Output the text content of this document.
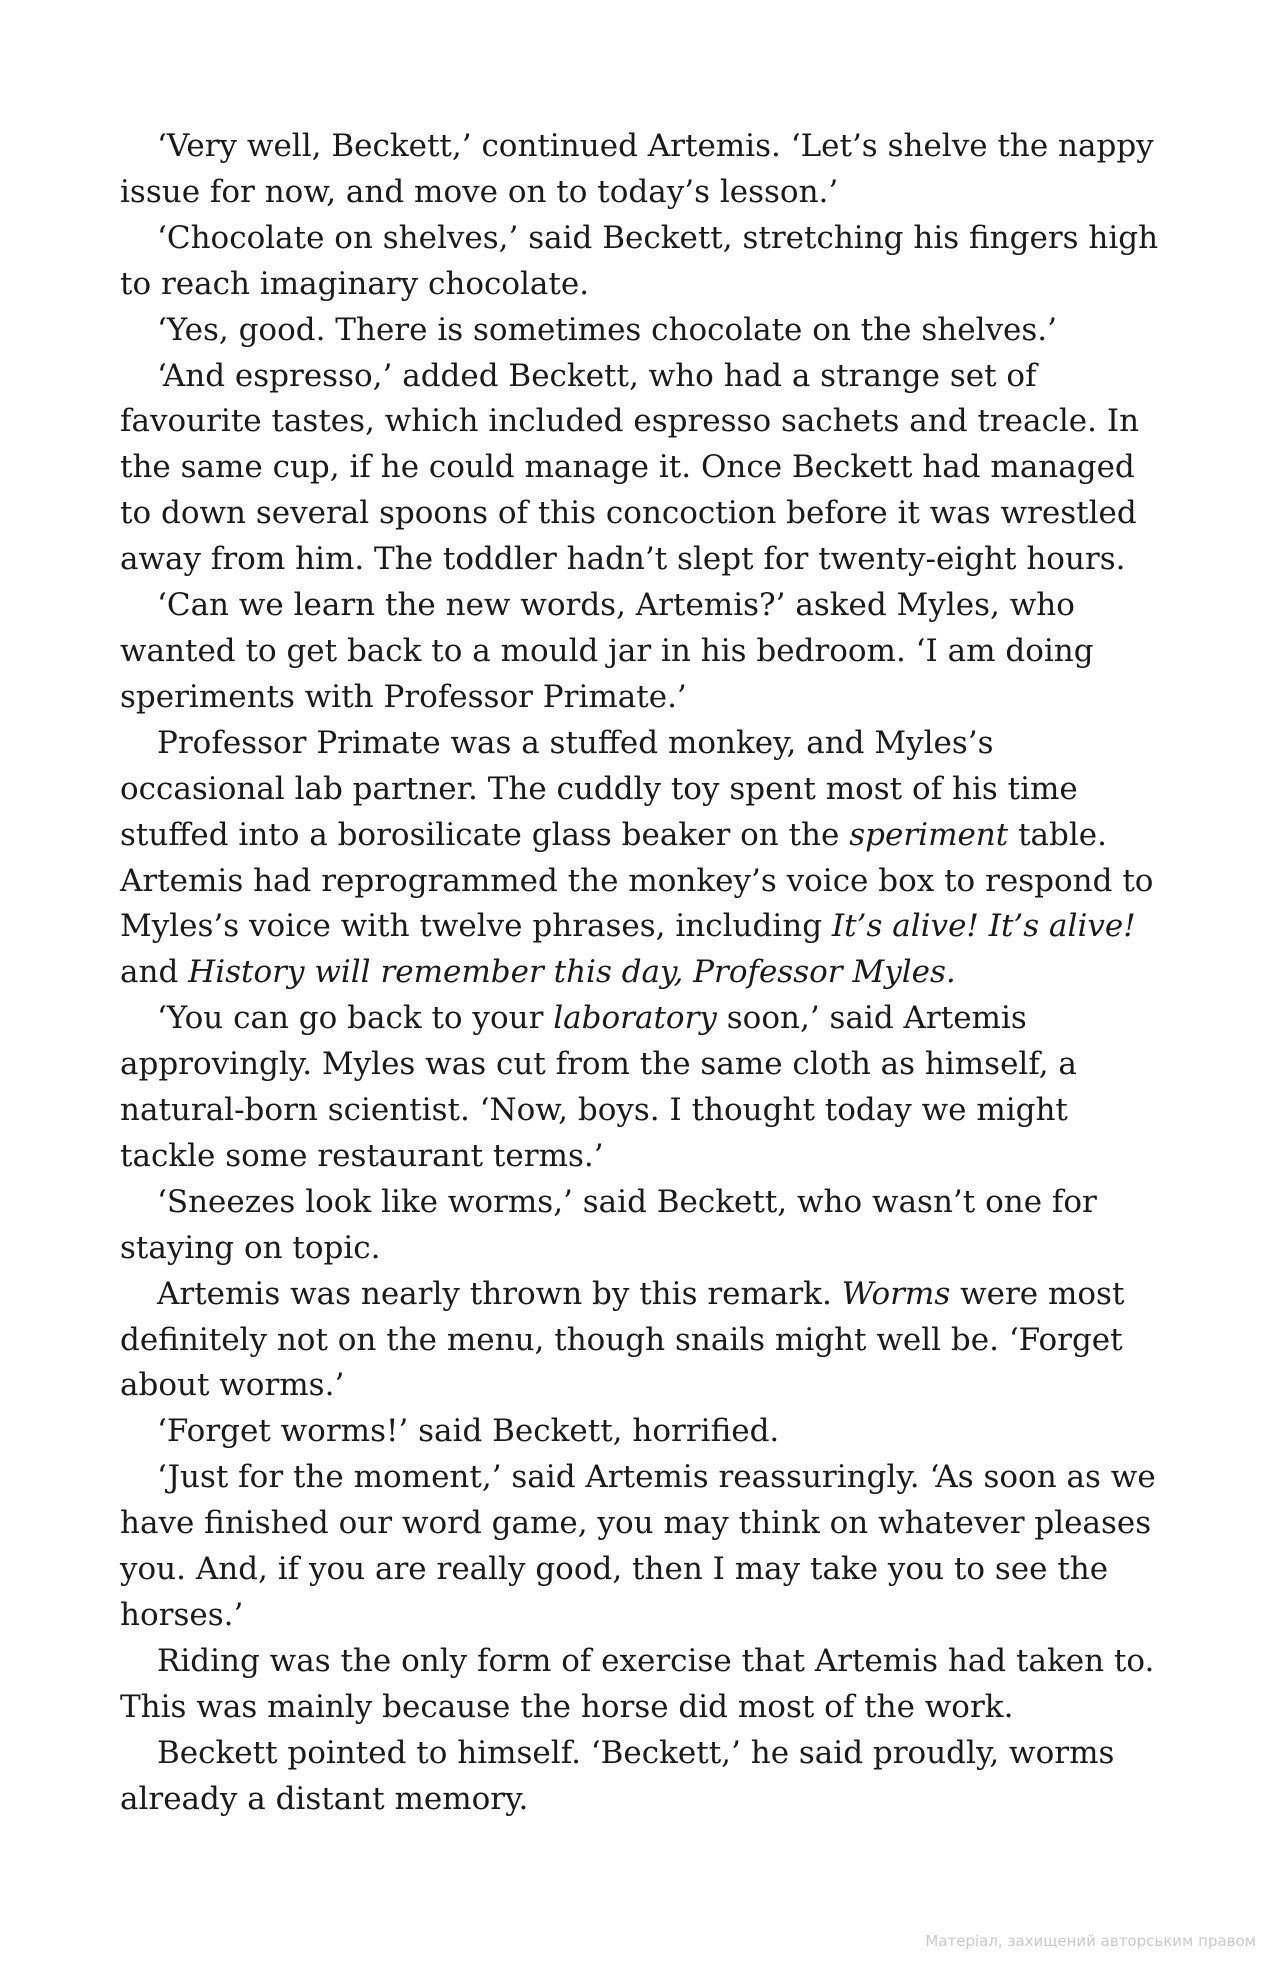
‘Very well, Beckett,’ continued Artemis. ‘Let’s shelve the nappy issue for now, and move on to today’s lesson.’

‘Chocolate on shelves,’ said Beckett, stretching his fingers high to reach imaginary chocolate.

‘Yes, good. There is sometimes chocolate on the shelves.’

‘And espresso,’ added Beckett, who had a strange set of favourite tastes, which included espresso sachets and treacle. In the same cup, if he could manage it. Once Beckett had managed to down several spoons of this concoction before it was wrestled away from him. The toddler hadn’t slept for twenty-eight hours.

‘Can we learn the new words, Artemis?’ asked Myles, who wanted to get back to a mould jar in his bedroom. ‘I am doing speriments with Professor Primate.’

Professor Primate was a stuffed monkey, and Myles’s occasional lab partner. The cuddly toy spent most of his time stuffed into a borosilicate glass beaker on the speriment table. Artemis had reprogrammed the monkey’s voice box to respond to Myles’s voice with twelve phrases, including It’s alive! It’s alive! and History will remember this day, Professor Myles.

‘You can go back to your laboratory soon,’ said Artemis approvingly. Myles was cut from the same cloth as himself, a natural-born scientist. ‘Now, boys. I thought today we might tackle some restaurant terms.’

‘Sneezes look like worms,’ said Beckett, who wasn’t one for staying on topic.

Artemis was nearly thrown by this remark. Worms were most definitely not on the menu, though snails might well be. ‘Forget about worms.’

‘Forget worms!’ said Beckett, horrified.

‘Just for the moment,’ said Artemis reassuringly. ‘As soon as we have finished our word game, you may think on whatever pleases you. And, if you are really good, then I may take you to see the horses.’

Riding was the only form of exercise that Artemis had taken to. This was mainly because the horse did most of the work.

Beckett pointed to himself. ‘Beckett,’ he said proudly, worms already a distant memory.

Матеріал, захищений авторським правом
